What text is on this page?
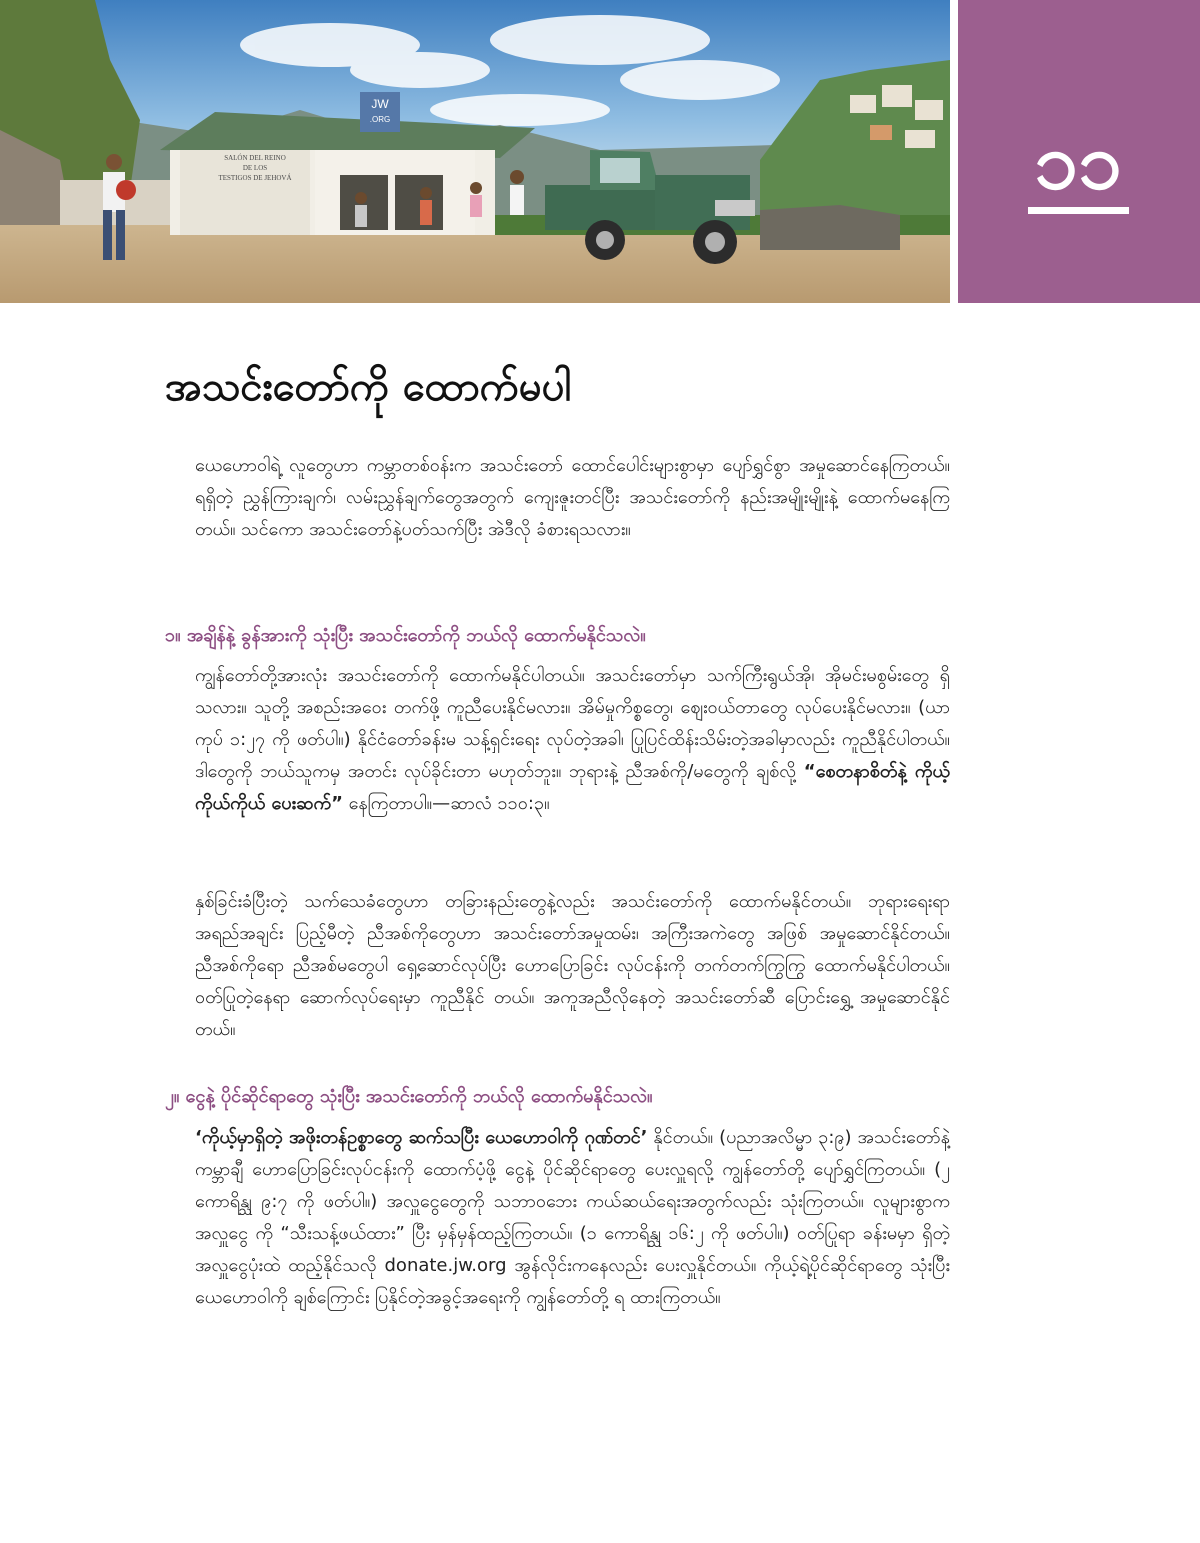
JW
.ORG
SALÓN DEL REINO
DE LOS
TESTIGOS DE JEHOVÁ	၁၁
အသင်းတော်ကို ထောက်မပါ

ယေဟောဝါရဲ့ လူတွေဟာ ကမ္ဘာတစ်ဝန်းက အသင်းတော် ထောင်ပေါင်းများစွာမှာ ပျော်ရွှင်စွာ အမှုဆောင်နေကြတယ်။ ရရှိတဲ့ ညွှန်ကြားချက်၊ လမ်းညွှန်ချက်တွေအတွက် ကျေးဇူးတင်ပြီး အသင်းတော်ကို နည်းအမျိုးမျိုးနဲ့ ထောက်မနေကြတယ်။ သင်ကော အသင်းတော်နဲ့ပတ်သက်ပြီး အဲဒီလို ခံစားရသလား။

၁။ အချိန်နဲ့ ခွန်အားကို သုံးပြီး အသင်းတော်ကို ဘယ်လို ထောက်မနိုင်သလဲ။

ကျွန်တော်တို့အားလုံး အသင်းတော်ကို ထောက်မနိုင်ပါတယ်။ အသင်းတော်မှာ သက်ကြီးရွယ်အို၊ အိုမင်းမစွမ်းတွေ ရှိသလား။ သူတို့ အစည်းအဝေး တက်ဖို့ ကူညီပေးနိုင်မလား။ အိမ်မှုကိစ္စတွေ၊ ဈေးဝယ်တာတွေ လုပ်ပေးနိုင်မလား။ (ယာကုပ် ၁:၂၇ ကို ဖတ်ပါ။) နိုင်ငံတော်ခန်းမ သန့်ရှင်းရေး လုပ်တဲ့အခါ၊ ပြုပြင်ထိန်းသိမ်းတဲ့အခါမှာလည်း ကူညီနိုင်ပါတယ်။ ဒါတွေကို ဘယ်သူကမှ အတင်း လုပ်ခိုင်းတာ မဟုတ်ဘူး။ ဘုရားနဲ့ ညီအစ်ကို/မတွေကို ချစ်လို့ “စေတနာစိတ်နဲ့ ကိုယ့်ကိုယ်ကိုယ် ပေးဆက်” နေကြတာပါ။—ဆာလံ ၁၁၀:၃။

နှစ်ခြင်းခံပြီးတဲ့ သက်သေခံတွေဟာ တခြားနည်းတွေနဲ့လည်း အသင်းတော်ကို ထောက်မနိုင်တယ်။ ဘုရားရေးရာအရည်အချင်း ပြည့်မီတဲ့ ညီအစ်ကိုတွေဟာ အသင်းတော်အမှုထမ်း၊ အကြီးအကဲတွေ အဖြစ် အမှုဆောင်နိုင်တယ်။ ညီအစ်ကိုရော ညီအစ်မတွေပါ ရှေ့ဆောင်လုပ်ပြီး ဟောပြောခြင်း လုပ်ငန်းကို တက်တက်ကြွကြွ ထောက်မနိုင်ပါတယ်။ ဝတ်ပြုတဲ့နေရာ ဆောက်လုပ်ရေးမှာ ကူညီနိုင် တယ်။ အကူအညီလိုနေတဲ့ အသင်းတော်ဆီ ပြောင်းရွှေ့ အမှုဆောင်နိုင်တယ်။

၂။ ငွေနဲ့ ပိုင်ဆိုင်ရာတွေ သုံးပြီး အသင်းတော်ကို ဘယ်လို ထောက်မနိုင်သလဲ။

‘ကိုယ့်မှာရှိတဲ့ အဖိုးတန်ဥစ္စာတွေ ဆက်သပြီး ယေဟောဝါကို ဂုဏ်တင်’ နိုင်တယ်။ (ပညာအလိမ္မာ ၃:၉) အသင်းတော်နဲ့ ကမ္ဘာချီ ဟောပြောခြင်းလုပ်ငန်းကို ထောက်ပံ့ဖို့ ငွေနဲ့ ပိုင်ဆိုင်ရာတွေ ပေးလှူရလို့ ကျွန်တော်တို့ ပျော်ရွှင်ကြတယ်။ (၂ ကောရိန္သု ၉:၇ ကို ဖတ်ပါ။) အလှူငွေတွေကို သဘာဝဘေး ကယ်ဆယ်ရေးအတွက်လည်း သုံးကြတယ်။ လူများစွာက အလှူငွေ ကို “သီးသန့်ဖယ်ထား” ပြီး မှန်မှန်ထည့်ကြတယ်။ (၁ ကောရိန္သု ၁၆:၂ ကို ဖတ်ပါ။) ဝတ်ပြုရာ ခန်းမမှာ ရှိတဲ့ အလှူငွေပုံးထဲ ထည့်နိုင်သလို donate.jw.org အွန်လိုင်းကနေလည်း ပေးလှူနိုင်တယ်။ ကိုယ့်ရဲ့ပိုင်ဆိုင်ရာတွေ သုံးပြီး ယေဟောဝါကို ချစ်ကြောင်း ပြနိုင်တဲ့အခွင့်အရေးကို ကျွန်တော်တို့ ရ ထားကြတယ်။
